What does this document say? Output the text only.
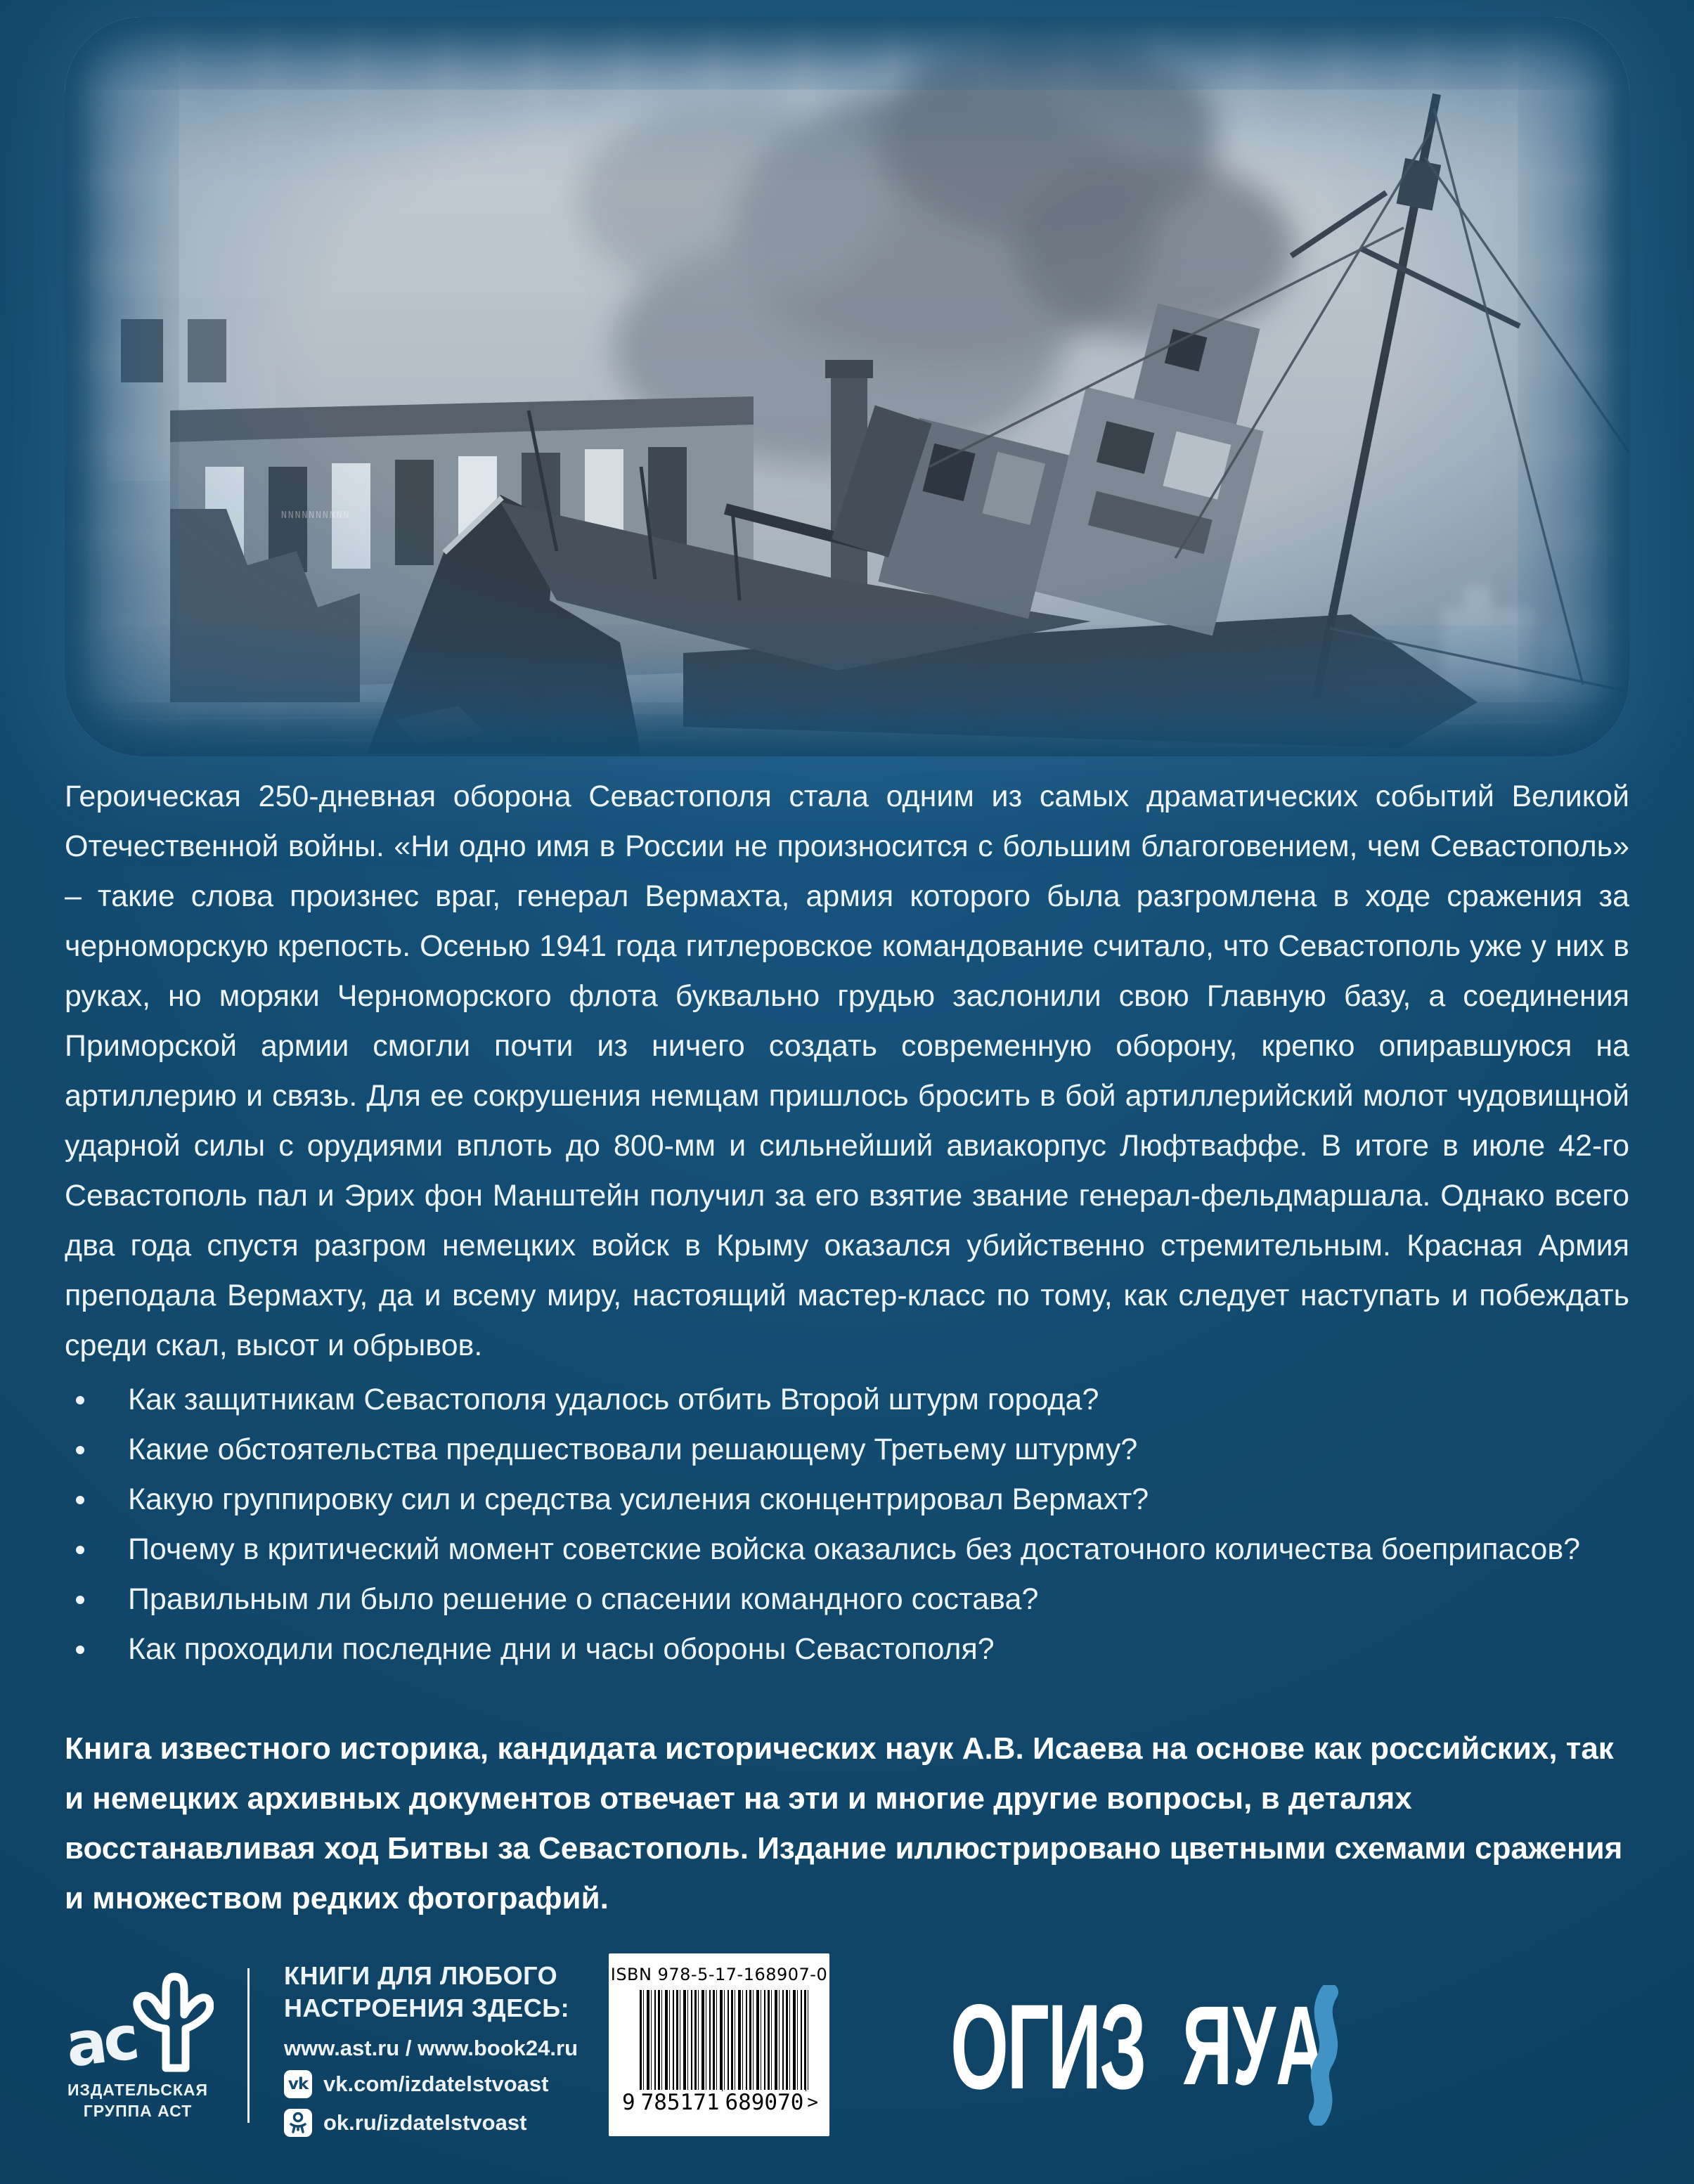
NNNNNNNNNN
Героическая 250-дневная оборона Севастополя стала одним из самых драматических событий Великой Отечественной войны. «Ни одно имя в России не произносится с большим благоговением, чем Севастополь» – такие слова произнес враг, генерал Вермахта, армия которого была разгромлена в ходе сражения за черноморскую крепость. Осенью 1941 года гитлеровское командование считало, что Севастополь уже у них в руках, но моряки Черноморского флота буквально грудью заслонили свою Главную базу, а соединения Приморской армии смогли почти из ничего создать современную оборону, крепко опиравшуюся на артиллерию и связь. Для ее сокрушения немцам пришлось бросить в бой артиллерийский молот чудовищной ударной силы с орудиями вплоть до 800-мм и сильнейший авиакорпус Люфтваффе. В итоге в июле 42-го Севастополь пал и Эрих фон Манштейн получил за его взятие звание генерал-фельдмаршала. Однако всего два года спустя разгром немецких войск в Крыму оказался убийственно стремительным. Красная Армия преподала Вермахту, да и всему миру, настоящий мастер-класс по тому, как следует наступать и побеждать среди скал, высот и обрывов.
Как защитникам Севастополя удалось отбить Второй штурм города?
Какие обстоятельства предшествовали решающему Третьему штурму?
Какую группировку сил и средства усиления сконцентрировал Вермахт?
Почему в критический момент советские войска оказались без достаточного количества боеприпасов?
Правильным ли было решение о спасении командного состава?
Как проходили последние дни и часы обороны Севастополя?
Книга известного историка, кандидата исторических наук А.В. Исаева на основе как российских, так и немецких архивных документов отвечает на эти и многие другие вопросы, в деталях восстанавливая ход Битвы за Севастополь. Издание иллюстрировано цветными схемами сражения и множеством редких фотографий.
ас
ИЗДАТЕЛЬСКАЯ
ГРУППА АСТ
КНИГИ ДЛЯ ЛЮБОГО
НАСТРОЕНИЯ ЗДЕСЬ:
www.ast.ru / www.book24.ru
vk vk.com/izdatelstvoast
ok.ru/izdatelstvoast
ISBN 978-5-17-168907-0
9 785171 689070 > ОГИЗ ЯУ А
